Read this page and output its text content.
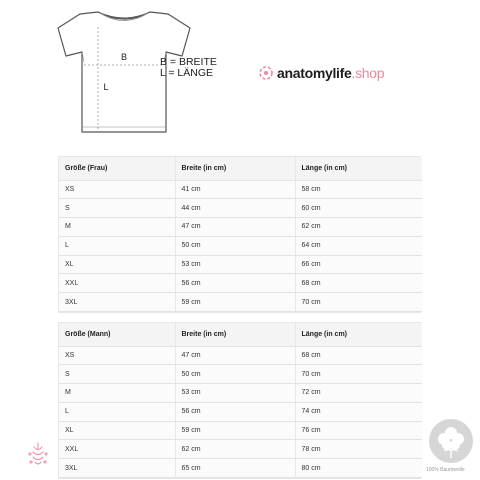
B
L
B = BREITE
L = LÄNGE	anatomylife .shop
Größe (Frau)	Breite (in cm)	Länge (in cm)
XS	41 cm	58 cm
S	44 cm	60 cm
M	47 cm	62 cm
L	50 cm	64 cm
XL	53 cm	66 cm
XXL	56 cm	68 cm
3XL	59 cm	70 cm
Größe (Mann)	Breite (in cm)	Länge (in cm)
XS	47 cm	68 cm
S	50 cm	70 cm
M	53 cm	72 cm
L	56 cm	74 cm
XL	59 cm	76 cm
XXL	62 cm	78 cm
3XL	65 cm	80 cm	100% Baumwolle
